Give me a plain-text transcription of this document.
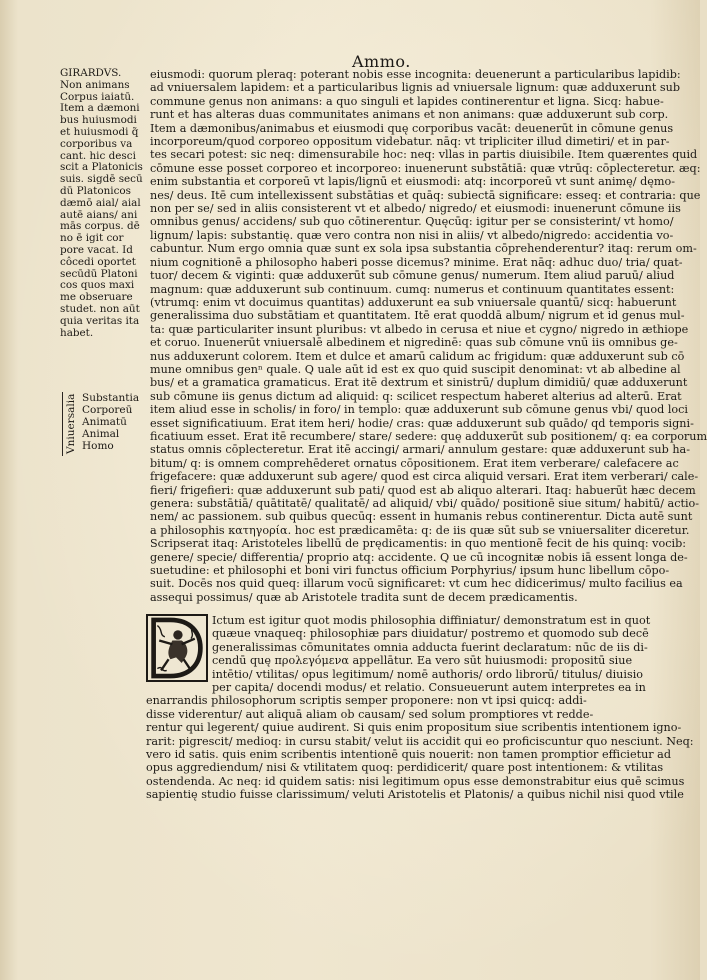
Ammo.
GIRARDVS.
Non animans
Corpus iaiatū.
Item a dæmoni
bus huiusmodi
et huiusmodi q̃
corporibus va
cant. hic desci
scit a Platonicis
suis. sigdē secū
dū Platonicos
dæmō aial/ aial
autē aians/ ani
mās corpus. dē
no ē igit cor
pore vacat. Id
côcedi oportet
secūdū Platoni
cos quos maxi
me obseruare
studet. non aūt
quia veritas ita
habet.
Vniuersalia Substantia
Corporeū
Animatū
Animal
Homo
eiusmodi: quorum pleraq: poterant nobis esse incognita: deuenerunt a particularibus lapidib:
ad vniuersalem lapidem: et a particularibus lignis ad vniuersale lignum: quæ adduxerunt sub
commune genus non animans: a quo singuli et lapides continerentur et ligna. Sicq: habue-
runt et has alteras duas communitates animans et non animans: quæ adduxerunt sub corp.
Item a dæmonibus/animabus et eiusmodi quę corporibus vacāt: deuenerūt in cōmune genus
incorporeum/quod corporeo oppositum videbatur. nāq: vt tripliciter illud dimetiri/ et in par-
tes secari potest: sic neq: dimensurabile hoc: neq: vllas in partis diuisibile. Item quærentes quid
cōmune esse posset corporeo et incorporeo: inuenerunt substātiā: quæ vtrūq: cōplecteretur. æq:
enim substantia et corporeū vt lapis/lignū et eiusmodi: atq: incorporeū vt sunt animę/ dęmo-
nes/ deus. Itē cum intellexissent substātias et quāq: subiectā significare: esseq: et contraria: que
non per se/ sed in aliis consisterent vt et albedo/ nigredo/ et eiusmodi: inuenerunt cōmune iis
omnibus genus/ accidens/ sub quo cōtinerentur. Quęcūq: igitur per se consisterint/ vt homo/
lignum/ lapis: substantię. quæ vero contra non nisi in aliis/ vt albedo/nigredo: accidentia vo-
cabuntur. Num ergo omnia quæ sunt ex sola ipsa substantia cōprehenderentur? itaq: rerum om-
nium cognitionē a philosopho haberi posse dicemus? minime. Erat nāq: adhuc duo/ tria/ quat-
tuor/ decem & viginti: quæ adduxerūt sub cōmune genus/ numerum. Item aliud paruū/ aliud
magnum: quæ adduxerunt sub continuum. cumq: numerus et continuum quantitates essent:
(vtrumq: enim vt docuimus quantitas) adduxerunt ea sub vniuersale quantū/ sicq: habuerunt
generalissima duo substātiam et quantitatem. Itē erat quoddā album/ nigrum et id genus mul-
ta: quæ particulariter insunt pluribus: vt albedo in cerusa et niue et cygno/ nigredo in æthiope
et coruo. Inuenerūt vniuersalē albedinem et nigredinē: quas sub cōmune vnū iis omnibus ge-
nus adduxerunt colorem. Item et dulce et amarū calidum ac frigidum: quæ adduxerunt sub cō
mune omnibus genⁿ quale. Q uale aūt id est ex quo quid suscipit denominat: vt ab albedine al
bus/ et a gramatica gramaticus. Erat itē dextrum et sinistrū/ duplum dimidiū/ quæ adduxerunt
sub cōmune iis genus dictum ad aliquid: q: scilicet respectum haberet alterius ad alterū. Erat
item aliud esse in scholis/ in foro/ in templo: quæ adduxerunt sub cōmune genus vbi/ quod loci
esset significatiuum. Erat item heri/ hodie/ cras: quæ adduxerunt sub quādo/ qd temporis signi-
ficatiuum esset. Erat itē recumbere/ stare/ sedere: quę adduxerūt sub positionem/ q: ea corporum
status omnis cōplecteretur. Erat itē accingi/ armari/ annulum gestare: quæ adduxerunt sub ha-
bitum/ q: is omnem comprehēderet ornatus cōpositionem. Erat item verberare/ calefacere ac
frigefacere: quæ adduxerunt sub agere/ quod est circa aliquid versari. Erat item verberari/ cale-
fieri/ frigefieri: quæ adduxerunt sub pati/ quod est ab aliquo alterari. Itaq: habuerūt hæc decem
genera: substātiā/ quātitatē/ qualitatē/ ad aliquid/ vbi/ quādo/ positionē siue situm/ habitū/ actio-
nem/ ac passionem. sub quibus quecūq: essent in humanis rebus continerentur. Dicta autē sunt
a philosophis κατηγορία. hoc est prædicamēta: q: de iis quæ sūt sub se vniuersaliter diceretur.
Scripserat itaq: Aristoteles libellū de prędicamentis: in quo mentionē fecit de his quinq: vocib:
genere/ specie/ differentia/ proprio atq: accidente. Q ue cū incognitæ nobis iā essent longa de-
suetudine: et philosophi et boni viri functus officium Porphyrius/ ipsum hunc libellum cōpo-
suit. Docēs nos quid queq: illarum vocū significaret: vt cum hec didicerimus/ multo facilius ea
assequi possimus/ quæ ab Aristotele tradita sunt de decem prædicamentis.
Ictum est igitur quot modis philosophia diffiniatur/ demonstratum est in quot
quæue vnaqueq: philosophiæ pars diuidatur/ postremo et quomodo sub decē
generalissimas cōmunitates omnia adducta fuerint declaratum: nūc de iis di-
cendū quę προλεγόμενα appellātur. Ea vero sūt huiusmodi: propositū siue
intētio/ vtilitas/ opus legitimum/ nomē authoris/ ordo librorū/ titulus/ diuisio
per capita/ docendi modus/ et relatio. Consueuerunt autem interpretes ea in
enarrandis philosophorum scriptis semper proponere: non vt ipsi quicq: addi-
disse viderentur/ aut aliquā aliam ob causam/ sed solum promptiores vt redde-
rentur qui legerent/ quiue audirent. Si quis enim propositum siue scribentis intentionem igno-
rarit: pigrescit/ medioq: in cursu stabit/ velut iis accidit qui eo proficiscuntur quo nesciunt. Neq:
vero id satis. quis enim scribentis intentionē quis nouerit: non tamen promptior efficietur ad
opus aggrediendum/ nisi & vtilitatem quoq: perdidicerit/ quare post intentionem: & vtilitas
ostendenda. Ac neq: id quidem satis: nisi legitimum opus esse demonstrabitur eius quē scimus
sapientię studio fuisse clarissimum/ veluti Aristotelis et Platonis/ a quibus nichil nisi quod vtile
